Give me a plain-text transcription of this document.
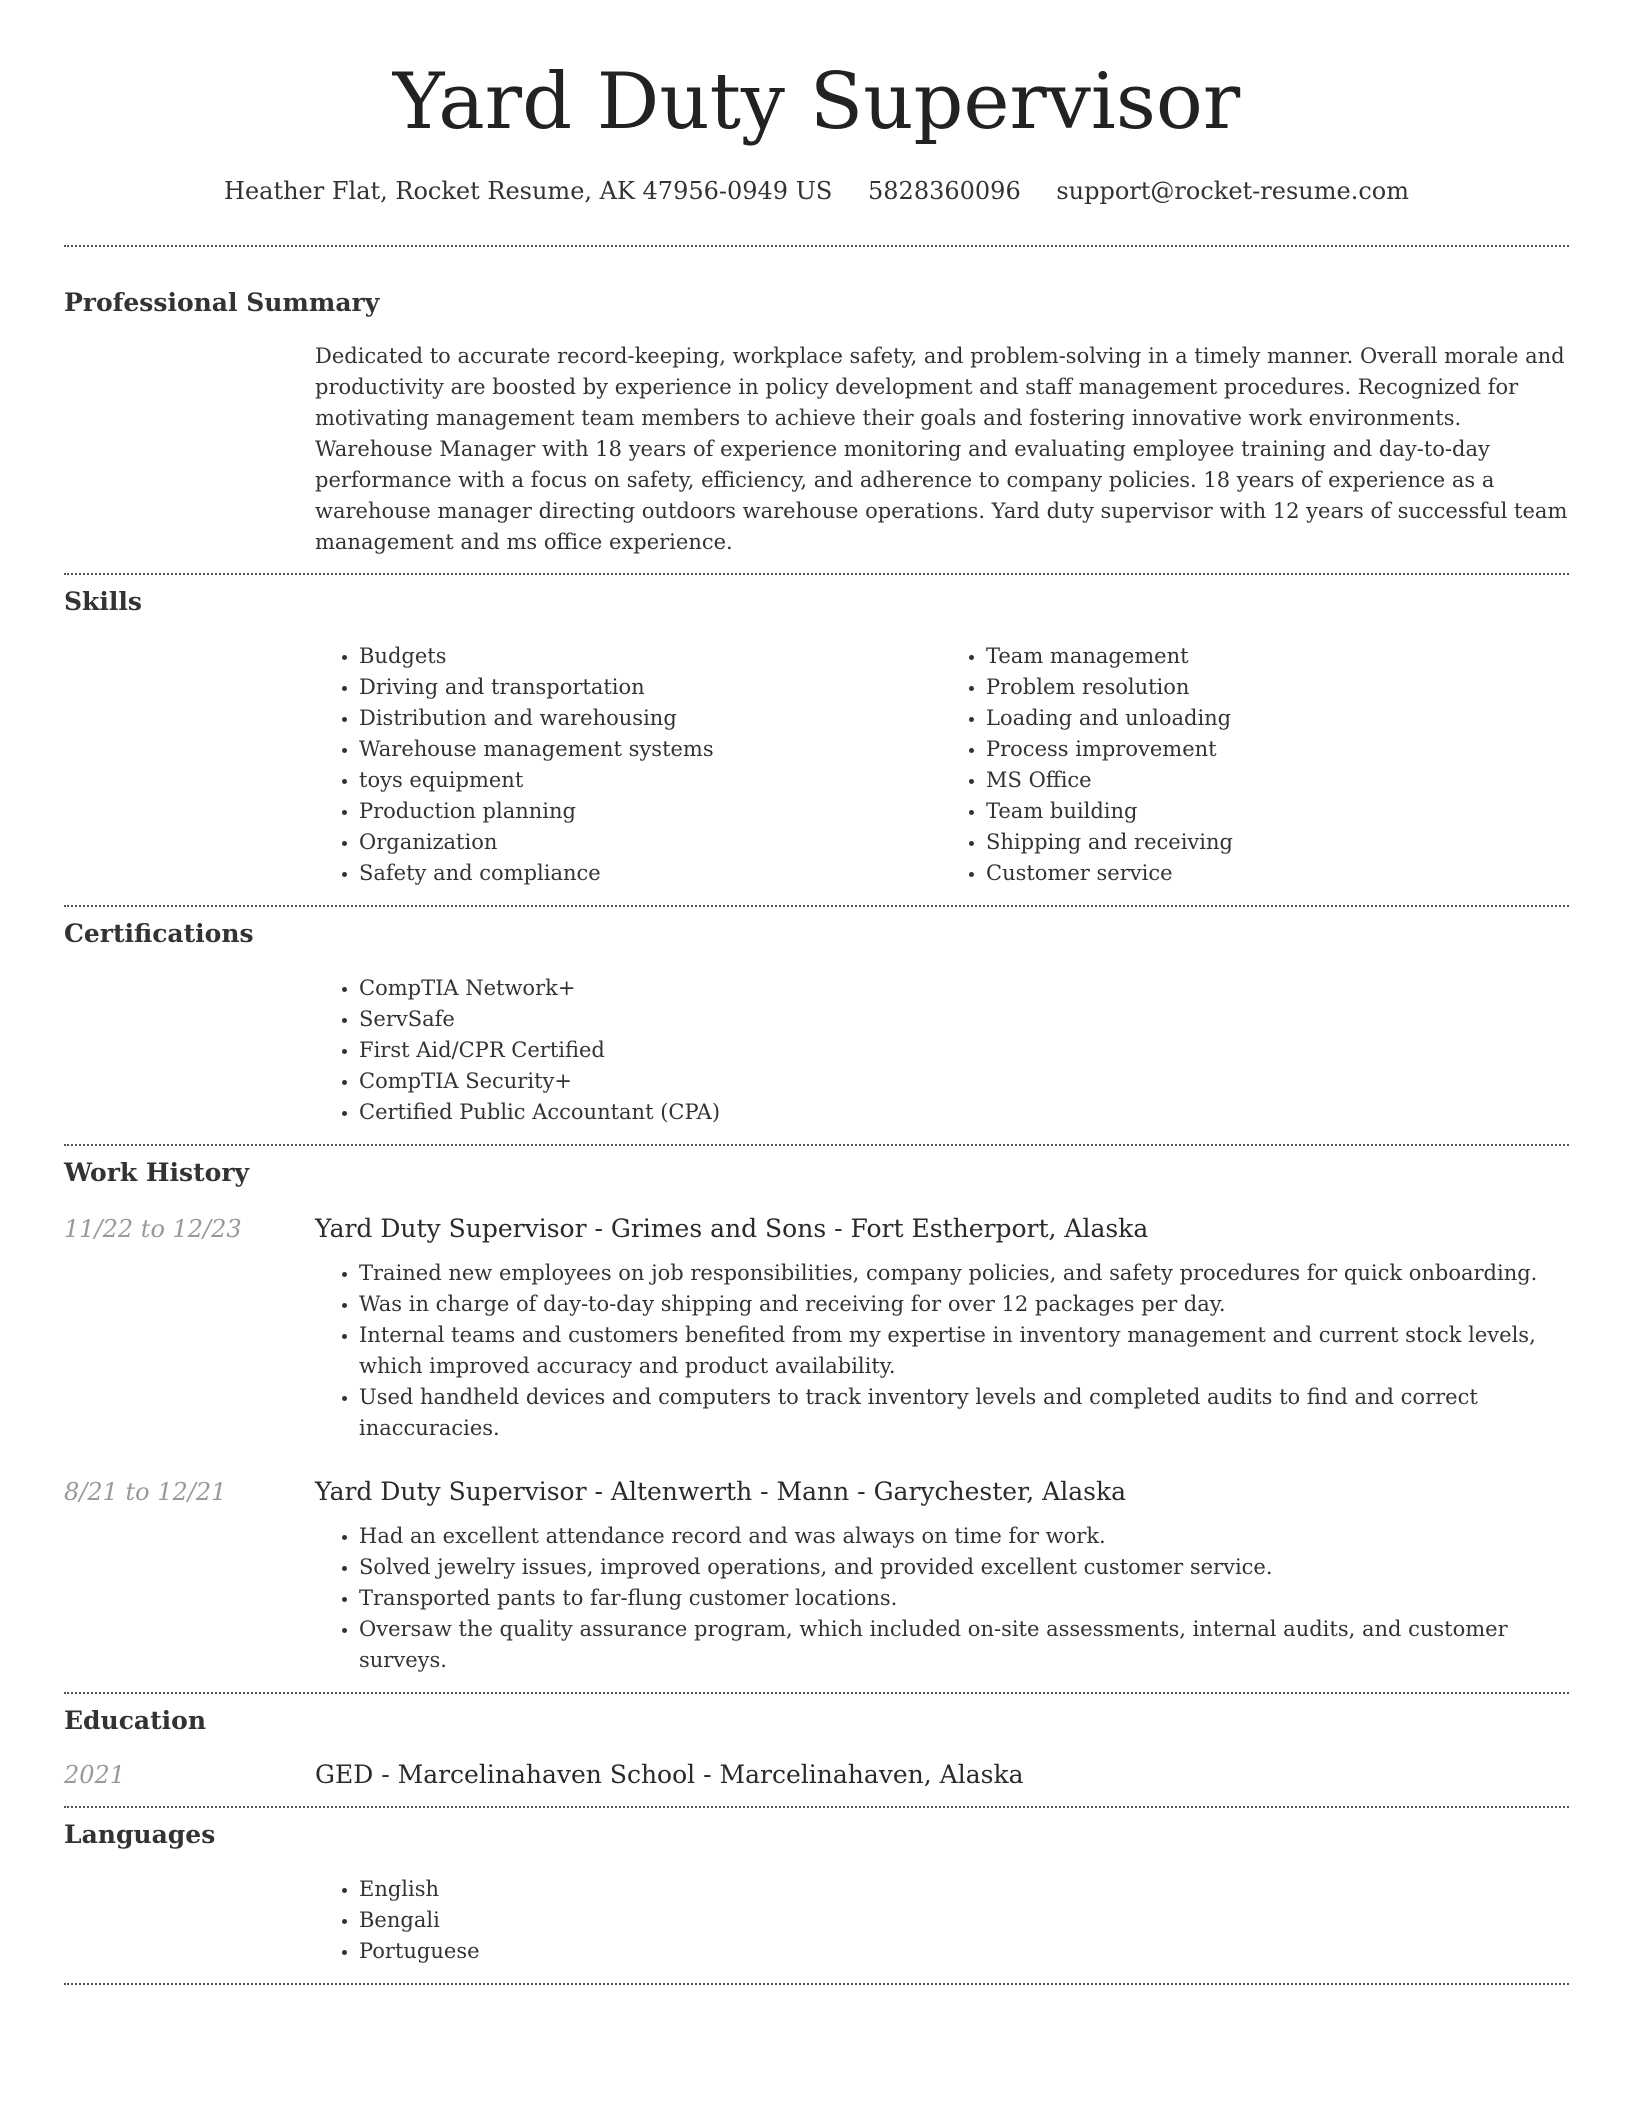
Yard Duty Supervisor
Heather Flat, Rocket Resume, AK 47956-0949 US 5828360096 support@rocket-resume.com
Professional Summary

Dedicated to accurate record-keeping, workplace safety, and problem-solving in a timely manner. Overall morale and productivity are boosted by experience in policy development and staff management procedures. Recognized for motivating management team members to achieve their goals and fostering innovative work environments. Warehouse Manager with 18 years of experience monitoring and evaluating employee training and day-to-day performance with a focus on safety, efficiency, and adherence to company policies. 18 years of experience as a warehouse manager directing outdoors warehouse operations. Yard duty supervisor with 12 years of successful team management and ms office experience.

Skills
• Budgets
• Driving and transportation
• Distribution and warehousing
• Warehouse management systems
• toys equipment
• Production planning
• Organization
• Safety and compliance
• Team management
• Problem resolution
• Loading and unloading
• Process improvement
• MS Office
• Team building
• Shipping and receiving
• Customer service
Certifications
• CompTIA Network+
• ServSafe
• First Aid/CPR Certified
• CompTIA Security+
• Certified Public Accountant (CPA)
Work History
11/22 to 12/23	Yard Duty Supervisor - Grimes and Sons - Fort Estherport, Alaska
• Trained new employees on job responsibilities, company policies, and safety procedures for quick onboarding.
• Was in charge of day-to-day shipping and receiving for over 12 packages per day.
• Internal teams and customers benefited from my expertise in inventory management and current stock levels, which improved accuracy and product availability.
• Used handheld devices and computers to track inventory levels and completed audits to find and correct inaccuracies.
8/21 to 12/21	Yard Duty Supervisor - Altenwerth - Mann - Garychester, Alaska
• Had an excellent attendance record and was always on time for work.
• Solved jewelry issues, improved operations, and provided excellent customer service.
• Transported pants to far-flung customer locations.
• Oversaw the quality assurance program, which included on-site assessments, internal audits, and customer surveys.
Education
2021	GED - Marcelinahaven School - Marcelinahaven, Alaska
Languages
• English
• Bengali
• Portuguese
